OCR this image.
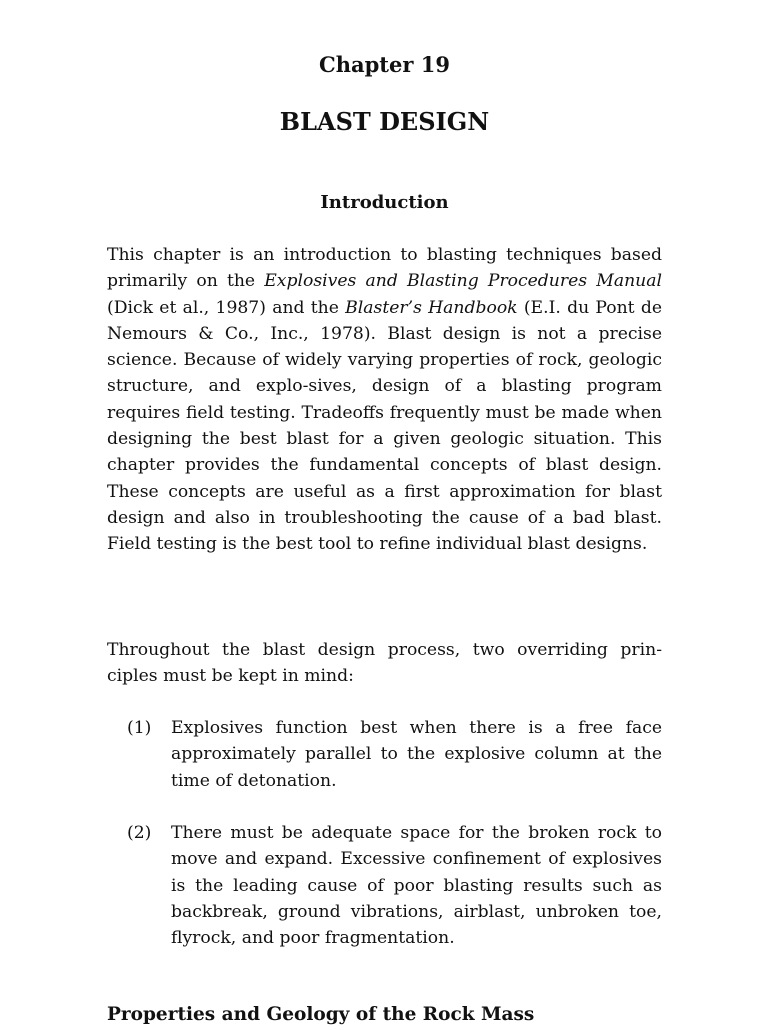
Chapter 19
BLAST DESIGN
Introduction
This chapter is an introduction to blasting techniques based primarily on the Explosives and Blasting Procedures Manual (Dick et al., 1987) and the Blaster’s Handbook (E.I. du Pont de Nemours & Co., Inc., 1978). Blast design is not a precise science. Because of widely varying properties of rock, geologic structure, and explo-sives, design of a blasting program requires field testing. Tradeoffs frequently must be made when designing the best blast for a given geologic situation. This chapter provides the fundamental concepts of blast design. These concepts are useful as a first approximation for blast design and also in troubleshooting the cause of a bad blast. Field testing is the best tool to refine individual blast designs.
Throughout the blast design process, two overriding prin-ciples must be kept in mind:
(1) Explosives function best when there is a free face approximately parallel to the explosive column at the time of detonation.
(2) There must be adequate space for the broken rock to move and expand. Excessive confinement of explosives is the leading cause of poor blasting results such as backbreak, ground vibrations, airblast, unbroken toe, flyrock, and poor fragmentation.
Properties and Geology of the Rock Mass
